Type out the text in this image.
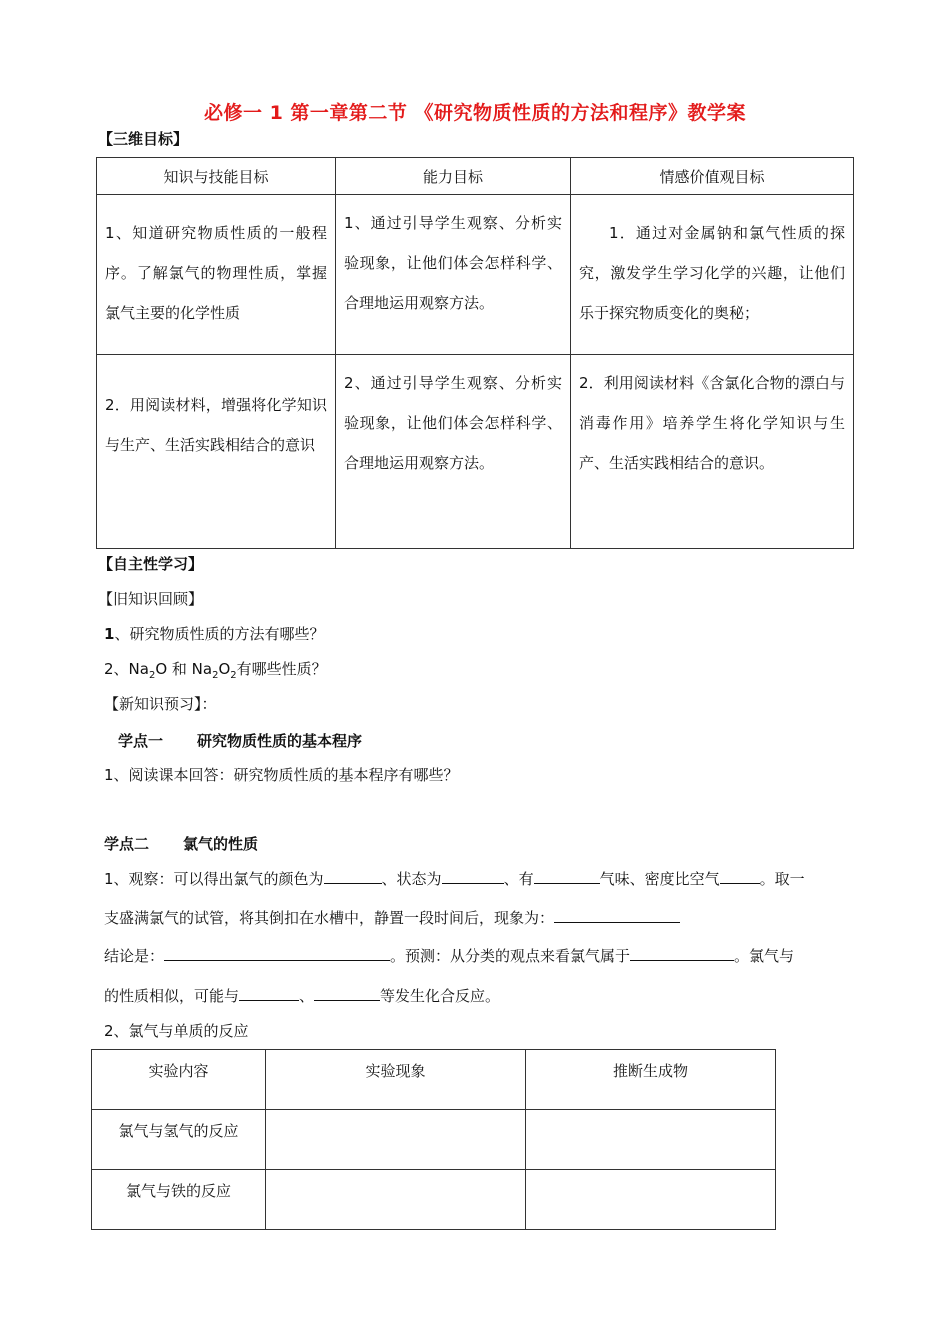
必修一 1 第一章第二节 《研究物质性质的方法和程序》教学案
【三维目标】
知识与技能目标	能力目标	情感价值观目标
1、知道研究物质性质的一般程序。了解氯气的物理性质，掌握氯气主要的化学性质	1、通过引导学生观察、分析实验现象，让他们体会怎样科学、合理地运用观察方法。	1．通过对金属钠和氯气性质的探究，激发学生学习化学的兴趣，让他们乐于探究物质变化的奥秘；
2．用阅读材料，增强将化学知识与生产、生活实践相结合的意识	2、通过引导学生观察、分析实验现象，让他们体会怎样科学、合理地运用观察方法。	2．利用阅读材料《含氯化合物的漂白与消毒作用》培养学生将化学知识与生产、生活实践相结合的意识。
【自主性学习】
【旧知识回顾】
1、研究物质性质的方法有哪些？
2、$Na_2O$ 和 $Na_2O_2$有哪些性质？
【新知识预习】：
学点一 研究物质性质的基本程序
1、阅读课本回答：研究物质性质的基本程序有哪些？
学点二 氯气的性质
1、观察：可以得出氯气的颜色为	、状态为	、有	气味、密度比空气	。取一
支盛满氯气的试管，将其倒扣在水槽中，静置一段时间后，现象为：
结论是：	。预测：从分类的观点来看氯气属于	。氯气与
的性质相似，可能与	、	等发生化合反应。
2、氯气与单质的反应
实验内容	实验现象	推断生成物
氯气与氢气的反应		
氯气与铁的反应		
